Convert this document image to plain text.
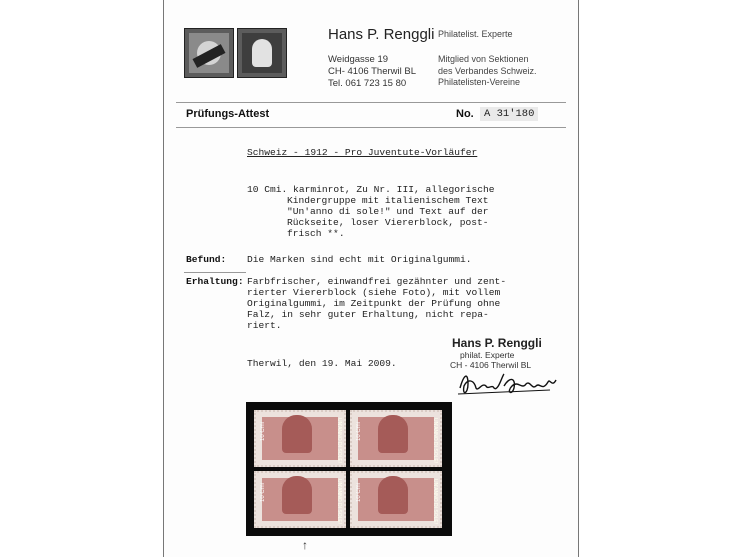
Hans P. Renggli Philatelist. Experte
Weidgasse 19
CH- 4106 Therwil BL
Tel. 061 723 15 80
Mitglied von Sektionen
des Verbandes Schweiz.
Philatelisten-Vereine
Prüfungs-Attest	No. A 31'180
Schweiz - 1912 - Pro Juventute-Vorläufer
10 Cmi. karminrot, Zu Nr. III, allegorische
Kindergruppe mit italienischem Text
"Un'anno di sole!" und Text auf der
Rückseite, loser Viererblock, post-
frisch **.
Befund: Die Marken sind echt mit Originalgummi.
Erhaltung: Farbfrischer, einwandfrei gezähnter und zent-
rierter Viererblock (siehe Foto), mit vollem
Originalgummi, im Zeitpunkt der Prüfung ohne
Falz, in sehr guter Erhaltung, nicht repa-
riert.
Hans P. Renggli
philat. Experte
CH - 4106 Therwil BL
Therwil, den 19. Mai 2009.
10 Cmi	UN'ANNO DI SOLE! 10 Cmi	UN'ANNO DI SOLE!
10 Cmi	UN'ANNO DI SOLE! 10 Cmi	UN'ANNO DI SOLE!
↑
